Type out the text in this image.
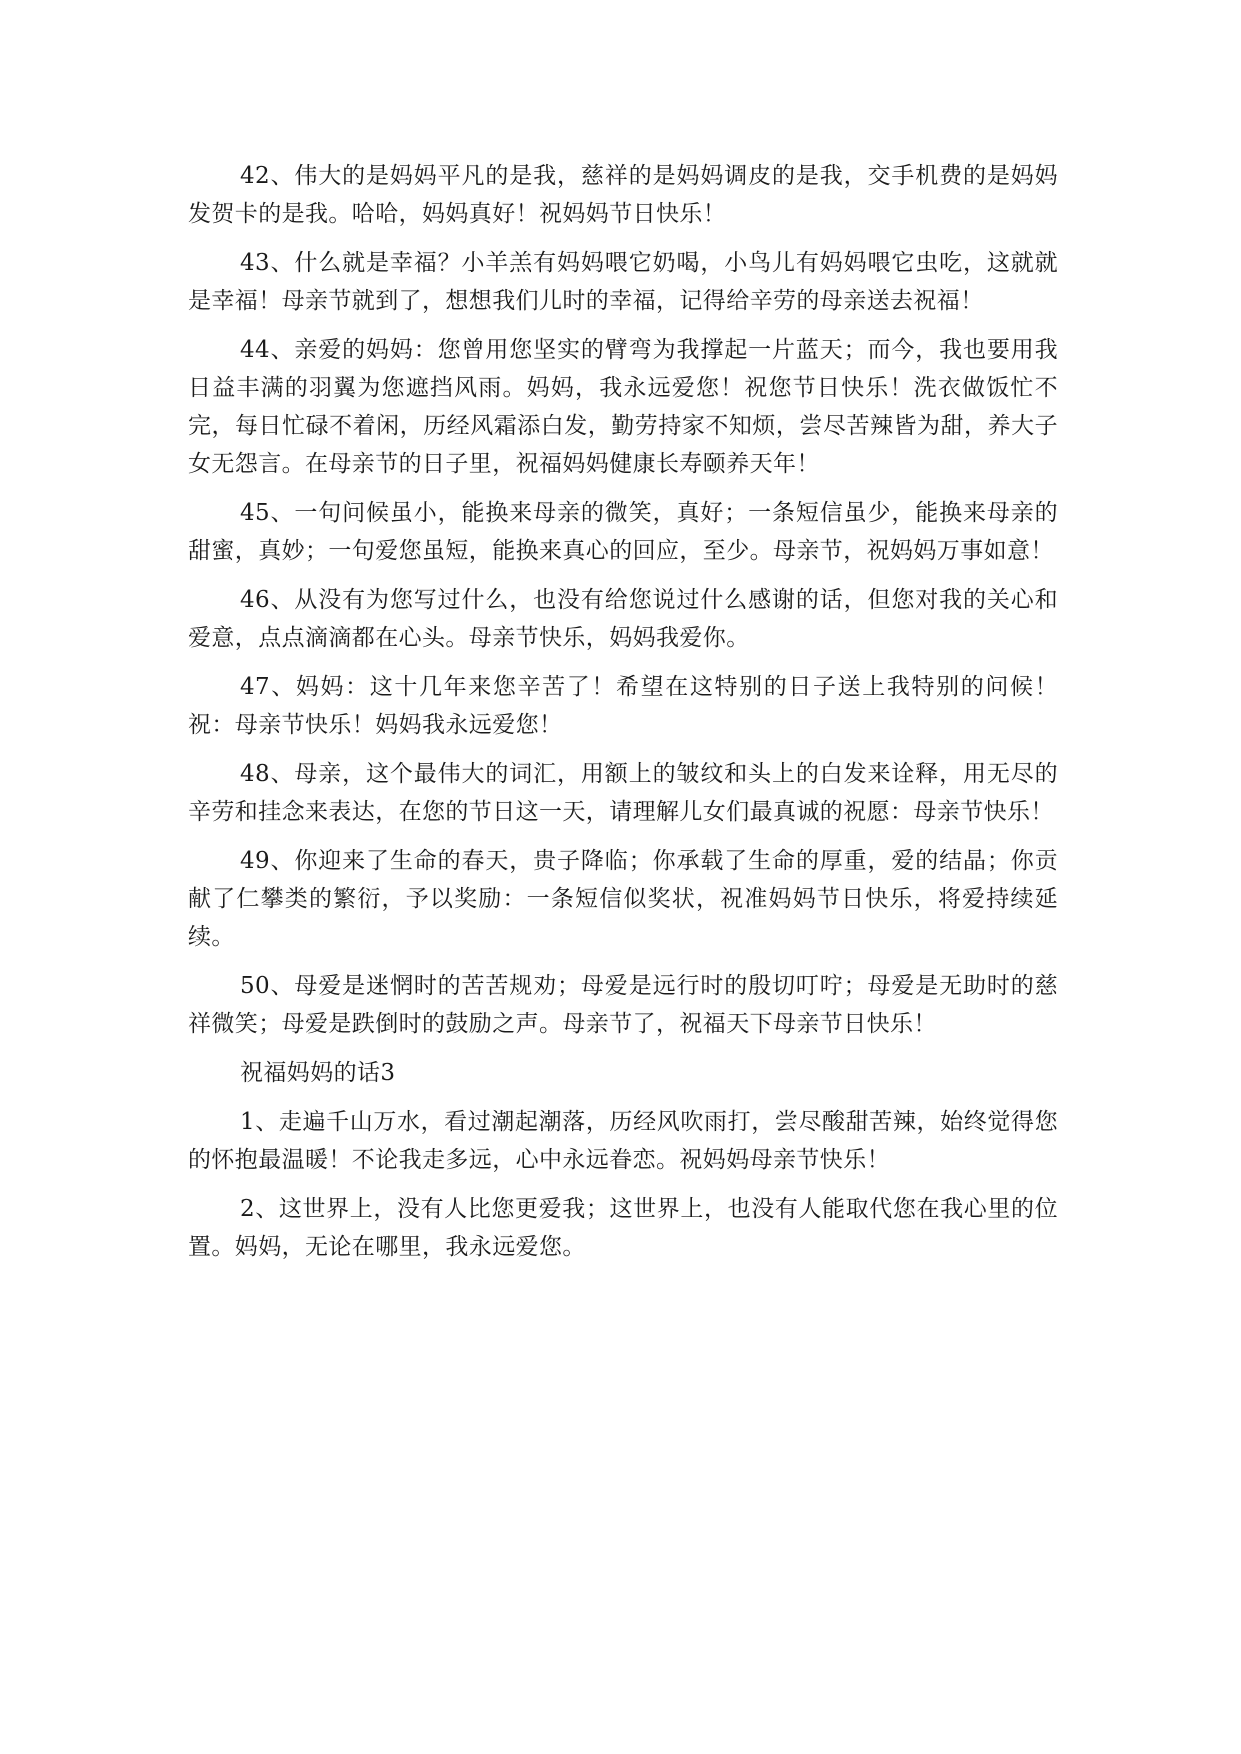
42、伟大的是妈妈平凡的是我，慈祥的是妈妈调皮的是我，交手机费的是妈妈发贺卡的是我。哈哈，妈妈真好！祝妈妈节日快乐！

43、什么就是幸福？小羊羔有妈妈喂它奶喝，小鸟儿有妈妈喂它虫吃，这就就是幸福！母亲节就到了，想想我们儿时的幸福，记得给辛劳的母亲送去祝福！

44、亲爱的妈妈：您曾用您坚实的臂弯为我撑起一片蓝天；而今，我也要用我日益丰满的羽翼为您遮挡风雨。妈妈，我永远爱您！祝您节日快乐！洗衣做饭忙不完，每日忙碌不着闲，历经风霜添白发，勤劳持家不知烦，尝尽苦辣皆为甜，养大子女无怨言。在母亲节的日子里，祝福妈妈健康长寿颐养天年！

45、一句问候虽小，能换来母亲的微笑，真好；一条短信虽少，能换来母亲的甜蜜，真妙；一句爱您虽短，能换来真心的回应，至少。母亲节，祝妈妈万事如意！

46、从没有为您写过什么，也没有给您说过什么感谢的话，但您对我的关心和爱意，点点滴滴都在心头。母亲节快乐，妈妈我爱你。

47、妈妈：这十几年来您辛苦了！希望在这特别的日子送上我特别的问候！祝：母亲节快乐！妈妈我永远爱您！

48、母亲，这个最伟大的词汇，用额上的皱纹和头上的白发来诠释，用无尽的辛劳和挂念来表达，在您的节日这一天，请理解儿女们最真诚的祝愿：母亲节快乐！

49、你迎来了生命的春天，贵子降临；你承载了生命的厚重，爱的结晶；你贡献了仁攀类的繁衍，予以奖励：一条短信似奖状，祝准妈妈节日快乐，将爱持续延续。

50、母爱是迷惘时的苦苦规劝；母爱是远行时的殷切叮咛；母爱是无助时的慈祥微笑；母爱是跌倒时的鼓励之声。母亲节了，祝福天下母亲节日快乐！

祝福妈妈的话3

1、走遍千山万水，看过潮起潮落，历经风吹雨打，尝尽酸甜苦辣，始终觉得您的怀抱最温暖！不论我走多远，心中永远眷恋。祝妈妈母亲节快乐！

2、这世界上，没有人比您更爱我；这世界上，也没有人能取代您在我心里的位置。妈妈，无论在哪里，我永远爱您。
